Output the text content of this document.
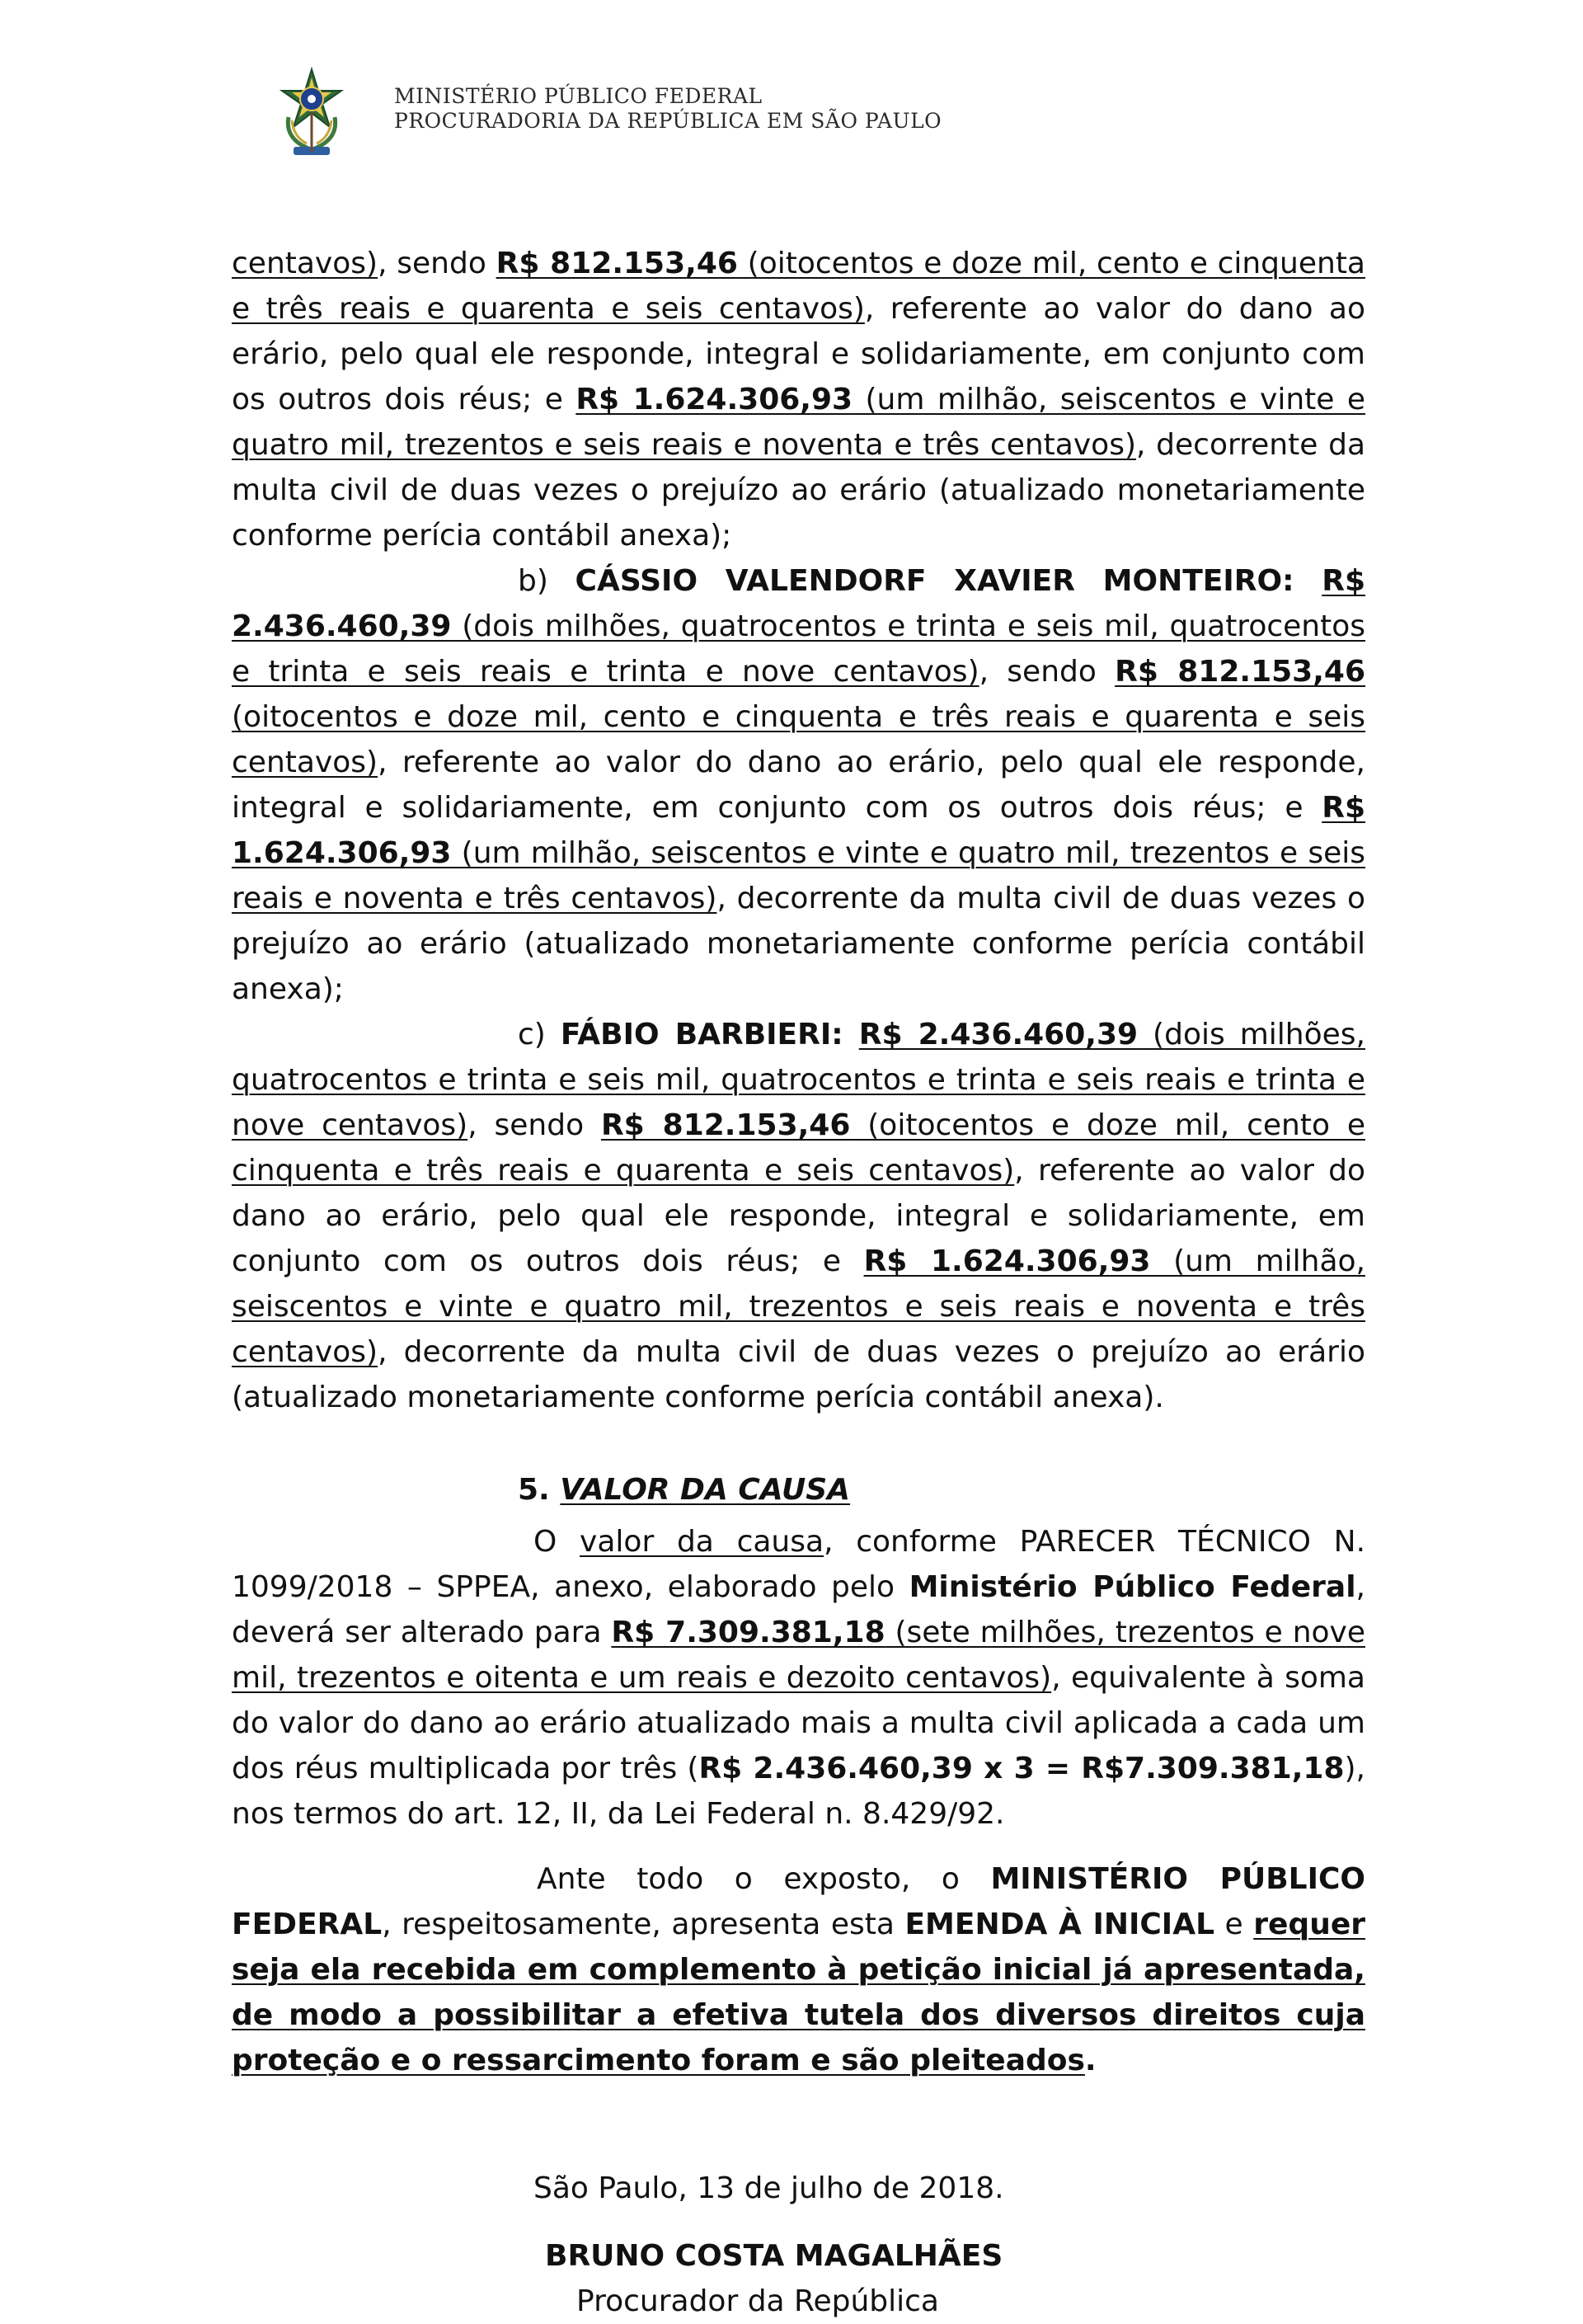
MINISTÉRIO PÚBLICO FEDERAL
PROCURADORIA DA REPÚBLICA EM SÃO PAULO

centavos), sendo R$ 812.153,46 (oitocentos e doze mil, cento e cinquenta e três reais e quarenta e seis centavos), referente ao valor do dano ao erário, pelo qual ele responde, integral e solidariamente, em conjunto com os outros dois réus; e R$ 1.624.306,93 (um milhão, seiscentos e vinte e quatro mil, trezentos e seis reais e noventa e três centavos), decorrente da multa civil de duas vezes o prejuízo ao erário (atualizado monetariamente conforme perícia contábil anexa);

b) CÁSSIO VALENDORF XAVIER MONTEIRO: R$ 2.436.460,39 (dois milhões, quatrocentos e trinta e seis mil, quatrocentos e trinta e seis reais e trinta e nove centavos), sendo R$ 812.153,46 (oitocentos e doze mil, cento e cinquenta e três reais e quarenta e seis centavos), referente ao valor do dano ao erário, pelo qual ele responde, integral e solidariamente, em conjunto com os outros dois réus; e R$ 1.624.306,93 (um milhão, seiscentos e vinte e quatro mil, trezentos e seis reais e noventa e três centavos), decorrente da multa civil de duas vezes o prejuízo ao erário (atualizado monetariamente conforme perícia contábil anexa);

c) FÁBIO BARBIERI: R$ 2.436.460,39 (dois milhões, quatrocentos e trinta e seis mil, quatrocentos e trinta e seis reais e trinta e nove centavos), sendo R$ 812.153,46 (oitocentos e doze mil, cento e cinquenta e três reais e quarenta e seis centavos), referente ao valor do dano ao erário, pelo qual ele responde, integral e solidariamente, em conjunto com os outros dois réus; e R$ 1.624.306,93 (um milhão, seiscentos e vinte e quatro mil, trezentos e seis reais e noventa e três centavos), decorrente da multa civil de duas vezes o prejuízo ao erário (atualizado monetariamente conforme perícia contábil anexa).

5. VALOR DA CAUSA

O valor da causa, conforme PARECER TÉCNICO N. 1099/2018 – SPPEA, anexo, elaborado pelo Ministério Público Federal, deverá ser alterado para R$ 7.309.381,18 (sete milhões, trezentos e nove mil, trezentos e oitenta e um reais e dezoito centavos), equivalente à soma do valor do dano ao erário atualizado mais a multa civil aplicada a cada um dos réus multiplicada por três (R$ 2.436.460,39 x 3 = R$7.309.381,18), nos termos do art. 12, II, da Lei Federal n. 8.429/92.

Ante todo o exposto, o MINISTÉRIO PÚBLICO FEDERAL, respeitosamente, apresenta esta EMENDA À INICIAL e requer seja ela recebida em complemento à petição inicial já apresentada, de modo a possibilitar a efetiva tutela dos diversos direitos cuja proteção e o ressarcimento foram e são pleiteados.

São Paulo, 13 de julho de 2018.

BRUNO COSTA MAGALHÃES

Procurador da República
